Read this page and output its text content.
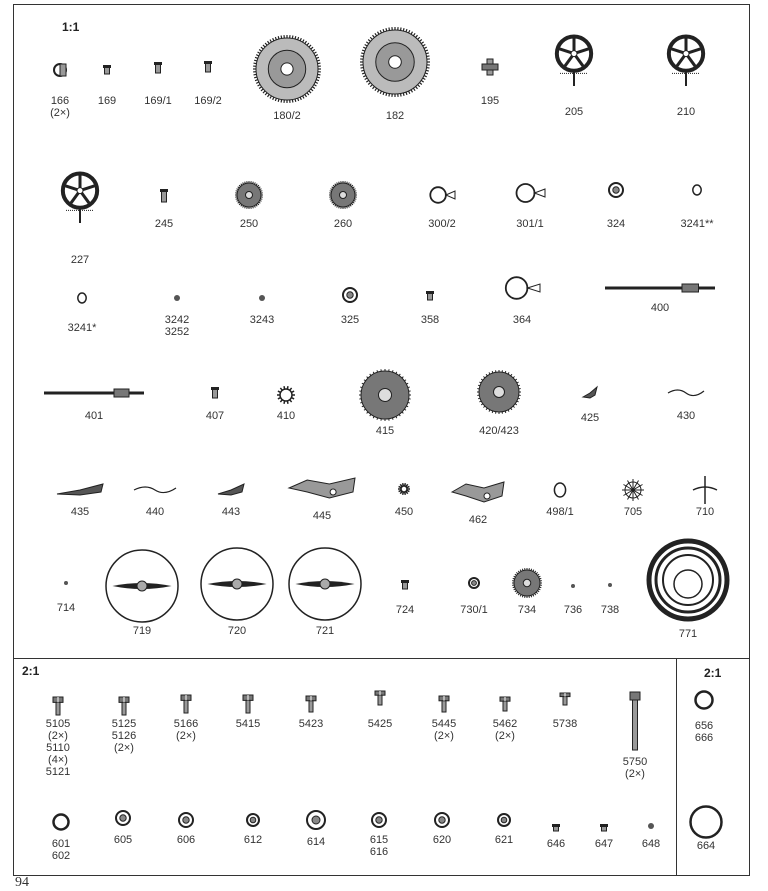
1:1
2:1	2:1
94
166
(2×)
169	169/1 169/2
180/2	182
195
205	210
227
245	250	260	300/2	301/1	324	3241**
3241*
3242
3252
3243	325	358	364
400
401	407	410
415	420/423
425	430
435	440	443	445	450
462
498/1	705	710
714
719	720	721
724	730/1	734	736 738
771
5105
(2×)
5110
(4×)
5121
5125
5126
(2×)
5166
(2×)
5415	5423	5425	5445
(2×)
5462
(2×)
5738
5750
(2×)
656
666
601
602
605	606	612	614	615
616
620	621	646	647	648	664
